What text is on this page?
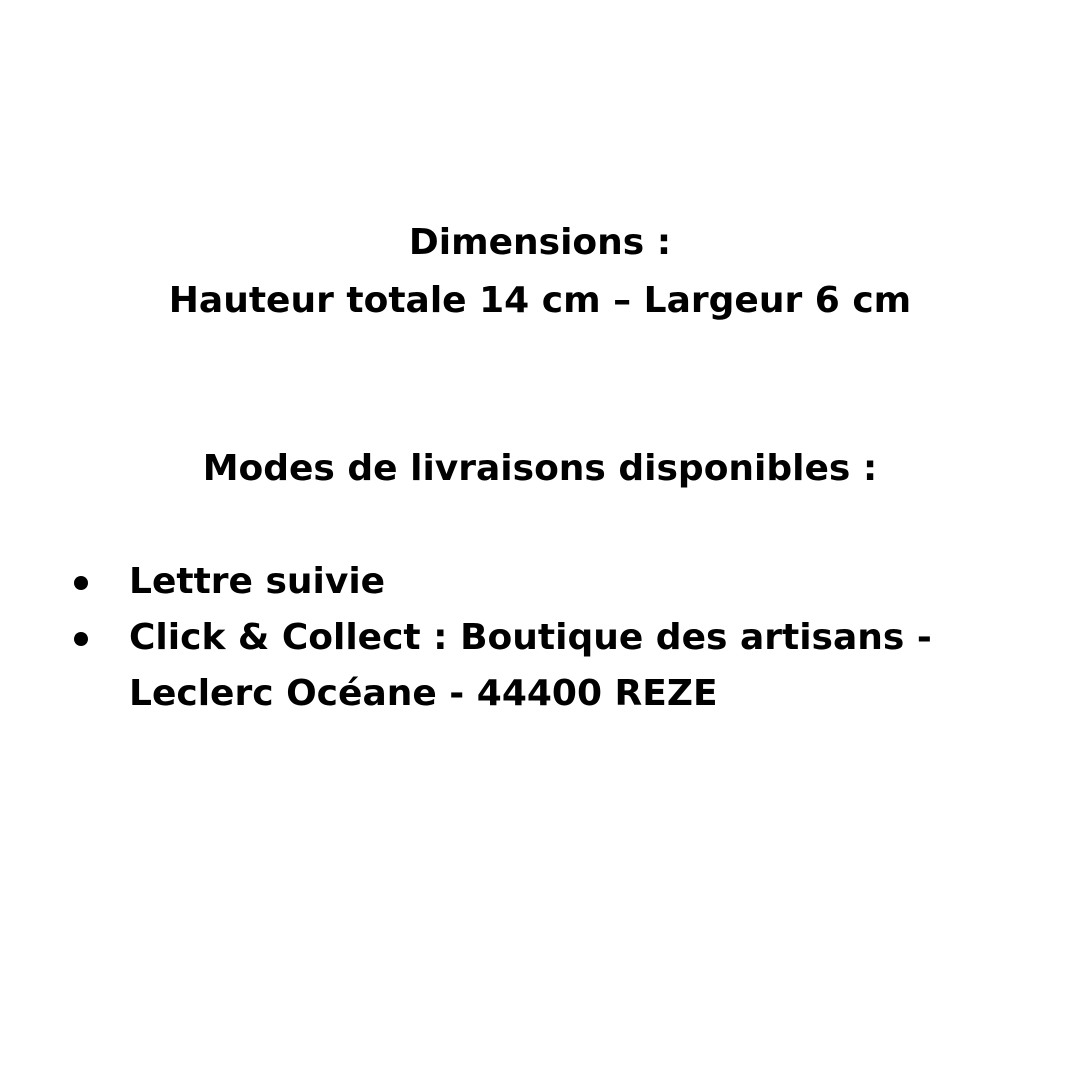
Dimensions :
Hauteur totale 14 cm – Largeur 6 cm
Modes de livraisons disponibles :
Lettre suivie
Click & Collect : Boutique des artisans - Leclerc Océane - 44400 REZE
